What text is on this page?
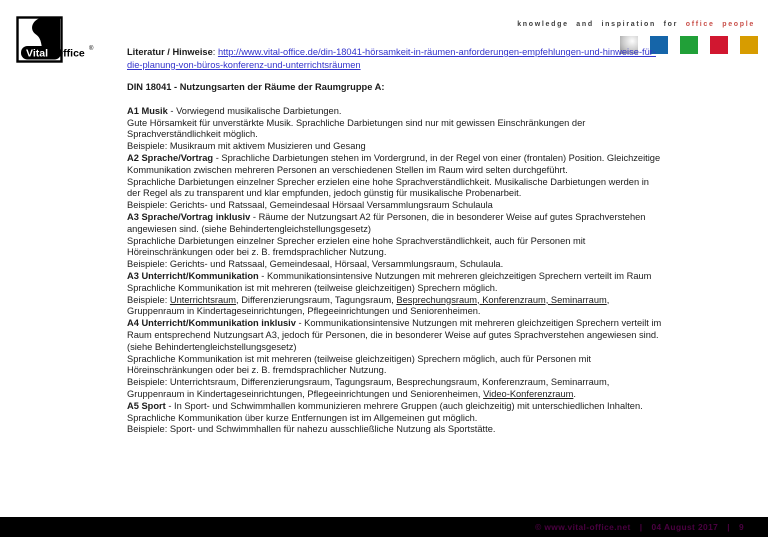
Vital -Office ®
knowledge and inspiration for office people

Literatur / Hinweise: http://www.vital-office.de/din-18041-hörsamkeit-in-räumen-anforderungen-empfehlungen-und-hinweise-für-die-planung-von-büros-konferenz-und-unterrichtsräumen

DIN 18041 - Nutzungsarten der Räume der Raumgruppe A:

A1 Musik - Vorwiegend musikalische Darbietungen.

Gute Hörsamkeit für unverstärkte Musik. Sprachliche Darbietungen sind nur mit gewissen Einschränkungen der Sprachverständlichkeit möglich.

Beispiele: Musikraum mit aktivem Musizieren und Gesang

A2 Sprache/Vortrag - Sprachliche Darbietungen stehen im Vordergrund, in der Regel von einer (frontalen) Position. Gleichzeitige Kommunikation zwischen mehreren Personen an verschiedenen Stellen im Raum wird selten durchgeführt.

Sprachliche Darbietungen einzelner Sprecher erzielen eine hohe Sprachverständlichkeit. Musikalische Darbietungen werden in der Regel als zu transparent und klar empfunden, jedoch günstig für musikalische Probenarbeit.

Beispiele: Gerichts- und Ratssaal, Gemeindesaal Hörsaal Versammlungsraum Schulaula

A3 Sprache/Vortrag inklusiv - Räume der Nutzungsart A2 für Personen, die in besonderer Weise auf gutes Sprachverstehen angewiesen sind. (siehe Behindertengleichstellungsgesetz)

Sprachliche Darbietungen einzelner Sprecher erzielen eine hohe Sprachverständlichkeit, auch für Personen mit Höreinschränkungen oder bei z. B. fremdsprachlicher Nutzung.

Beispiele: Gerichts- und Ratssaal, Gemeindesaal, Hörsaal, Versammlungsraum, Schulaula.

A3 Unterricht/Kommunikation - Kommunikationsintensive Nutzungen mit mehreren gleichzeitigen Sprechern verteilt im Raum

Sprachliche Kommunikation ist mit mehreren (teilweise gleichzeitigen) Sprechern möglich.

Beispiele: Unterrichtsraum, Differenzierungsraum, Tagungsraum, Besprechungsraum, Konferenzraum, Seminarraum, Gruppenraum in Kindertageseinrichtungen, Pflegeeinrichtungen und Seniorenheimen.

A4 Unterricht/Kommunikation inklusiv - Kommunikationsintensive Nutzungen mit mehreren gleichzeitigen Sprechern verteilt im Raum entsprechend Nutzungsart A3, jedoch für Personen, die in besonderer Weise auf gutes Sprachverstehen angewiesen sind. (siehe Behindertengleichstellungsgesetz)

Sprachliche Kommunikation ist mit mehreren (teilweise gleichzeitigen) Sprechern möglich, auch für Personen mit Höreinschränkungen oder bei z. B. fremdsprachlicher Nutzung.

Beispiele: Unterrichtsraum, Differenzierungsraum, Tagungsraum, Besprechungsraum, Konferenzraum, Seminarraum, Gruppenraum in Kindertageseinrichtungen, Pflegeeinrichtungen und Seniorenheimen, Video-Konferenzraum.

A5 Sport - In Sport- und Schwimmhallen kommunizieren mehrere Gruppen (auch gleichzeitig) mit unterschiedlichen Inhalten.

Sprachliche Kommunikation über kurze Entfernungen ist im Allgemeinen gut möglich.

Beispiele: Sport- und Schwimmhallen für nahezu ausschließliche Nutzung als Sportstätte.

© www.vital-office.net | 04 August 2017 | 9
